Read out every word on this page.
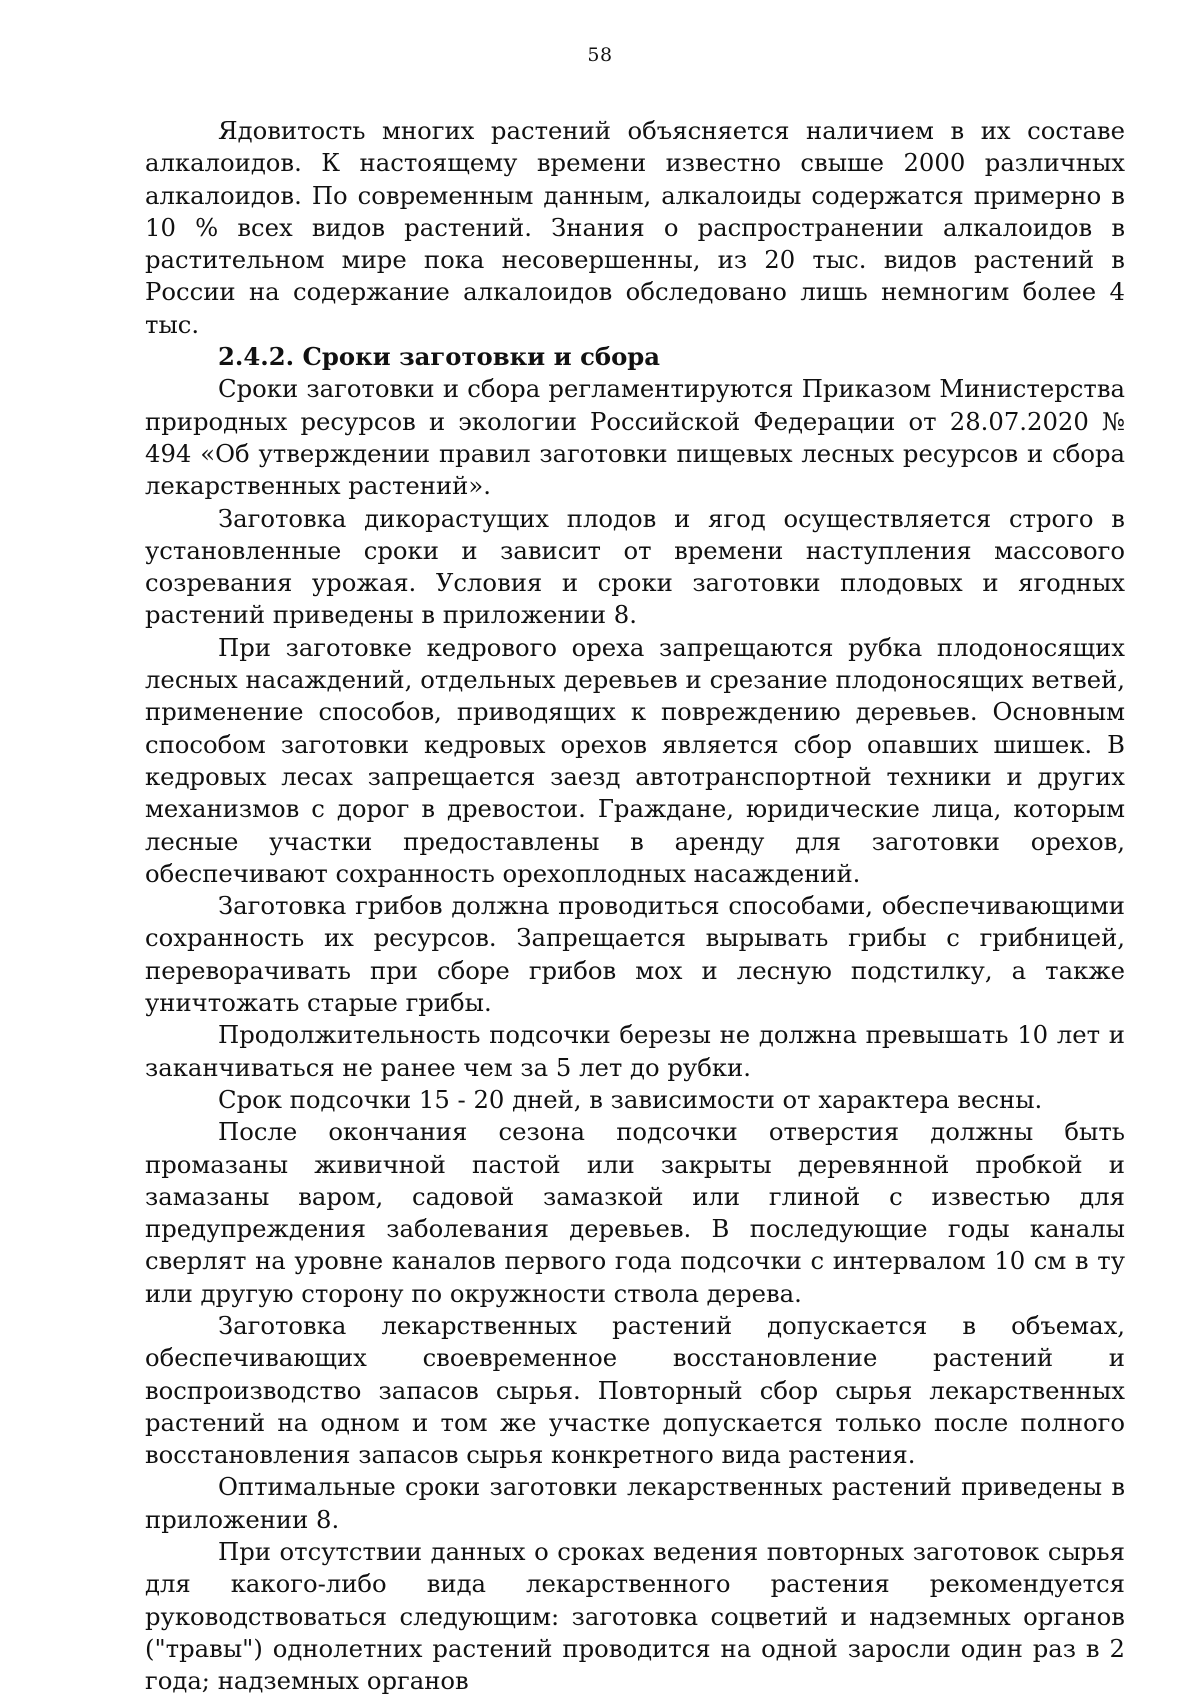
58

Ядовитость многих растений объясняется наличием в их составе алкалоидов. К настоящему времени известно свыше 2000 различных алкалоидов. По современным данным, алкалоиды содержатся примерно в 10 % всех видов растений. Знания о распространении алкалоидов в растительном мире пока несовершенны, из 20 тыс. видов растений в России на содержание алкалоидов обследовано лишь немногим более 4 тыс.

2.4.2. Сроки заготовки и сбора

Сроки заготовки и сбора регламентируются Приказом Министерства природных ресурсов и экологии Российской Федерации от 28.07.2020 № 494 «Об утверждении правил заготовки пищевых лесных ресурсов и сбора лекарственных растений».

Заготовка дикорастущих плодов и ягод осуществляется строго в установленные сроки и зависит от времени наступления массового созревания урожая. Условия и сроки заготовки плодовых и ягодных растений приведены в приложении 8.

При заготовке кедрового ореха запрещаются рубка плодоносящих лесных насаждений, отдельных деревьев и срезание плодоносящих ветвей, применение способов, приводящих к повреждению деревьев. Основным способом заготовки кедровых орехов является сбор опавших шишек. В кедровых лесах запрещается заезд автотранспортной техники и других механизмов с дорог в древостои. Граждане, юридические лица, которым лесные участки предоставлены в аренду для заготовки орехов, обеспечивают сохранность орехоплодных насаждений.

Заготовка грибов должна проводиться способами, обеспечивающими сохранность их ресурсов. Запрещается вырывать грибы с грибницей, переворачивать при сборе грибов мох и лесную подстилку, а также уничтожать старые грибы.

Продолжительность подсочки березы не должна превышать 10 лет и заканчиваться не ранее чем за 5 лет до рубки.

Срок подсочки 15 - 20 дней, в зависимости от характера весны.

После окончания сезона подсочки отверстия должны быть промазаны живичной пастой или закрыты деревянной пробкой и замазаны варом, садовой замазкой или глиной с известью для предупреждения заболевания деревьев. В последующие годы каналы сверлят на уровне каналов первого года подсочки с интервалом 10 см в ту или другую сторону по окружности ствола дерева.

Заготовка лекарственных растений допускается в объемах, обеспечивающих своевременное восстановление растений и воспроизводство запасов сырья. Повторный сбор сырья лекарственных растений на одном и том же участке допускается только после полного восстановления запасов сырья конкретного вида растения.

Оптимальные сроки заготовки лекарственных растений приведены в приложении 8.

При отсутствии данных о сроках ведения повторных заготовок сырья для какого-либо вида лекарственного растения рекомендуется руководствоваться следующим: заготовка соцветий и надземных органов ("травы") однолетних растений проводится на одной заросли один раз в 2 года; надземных органов
